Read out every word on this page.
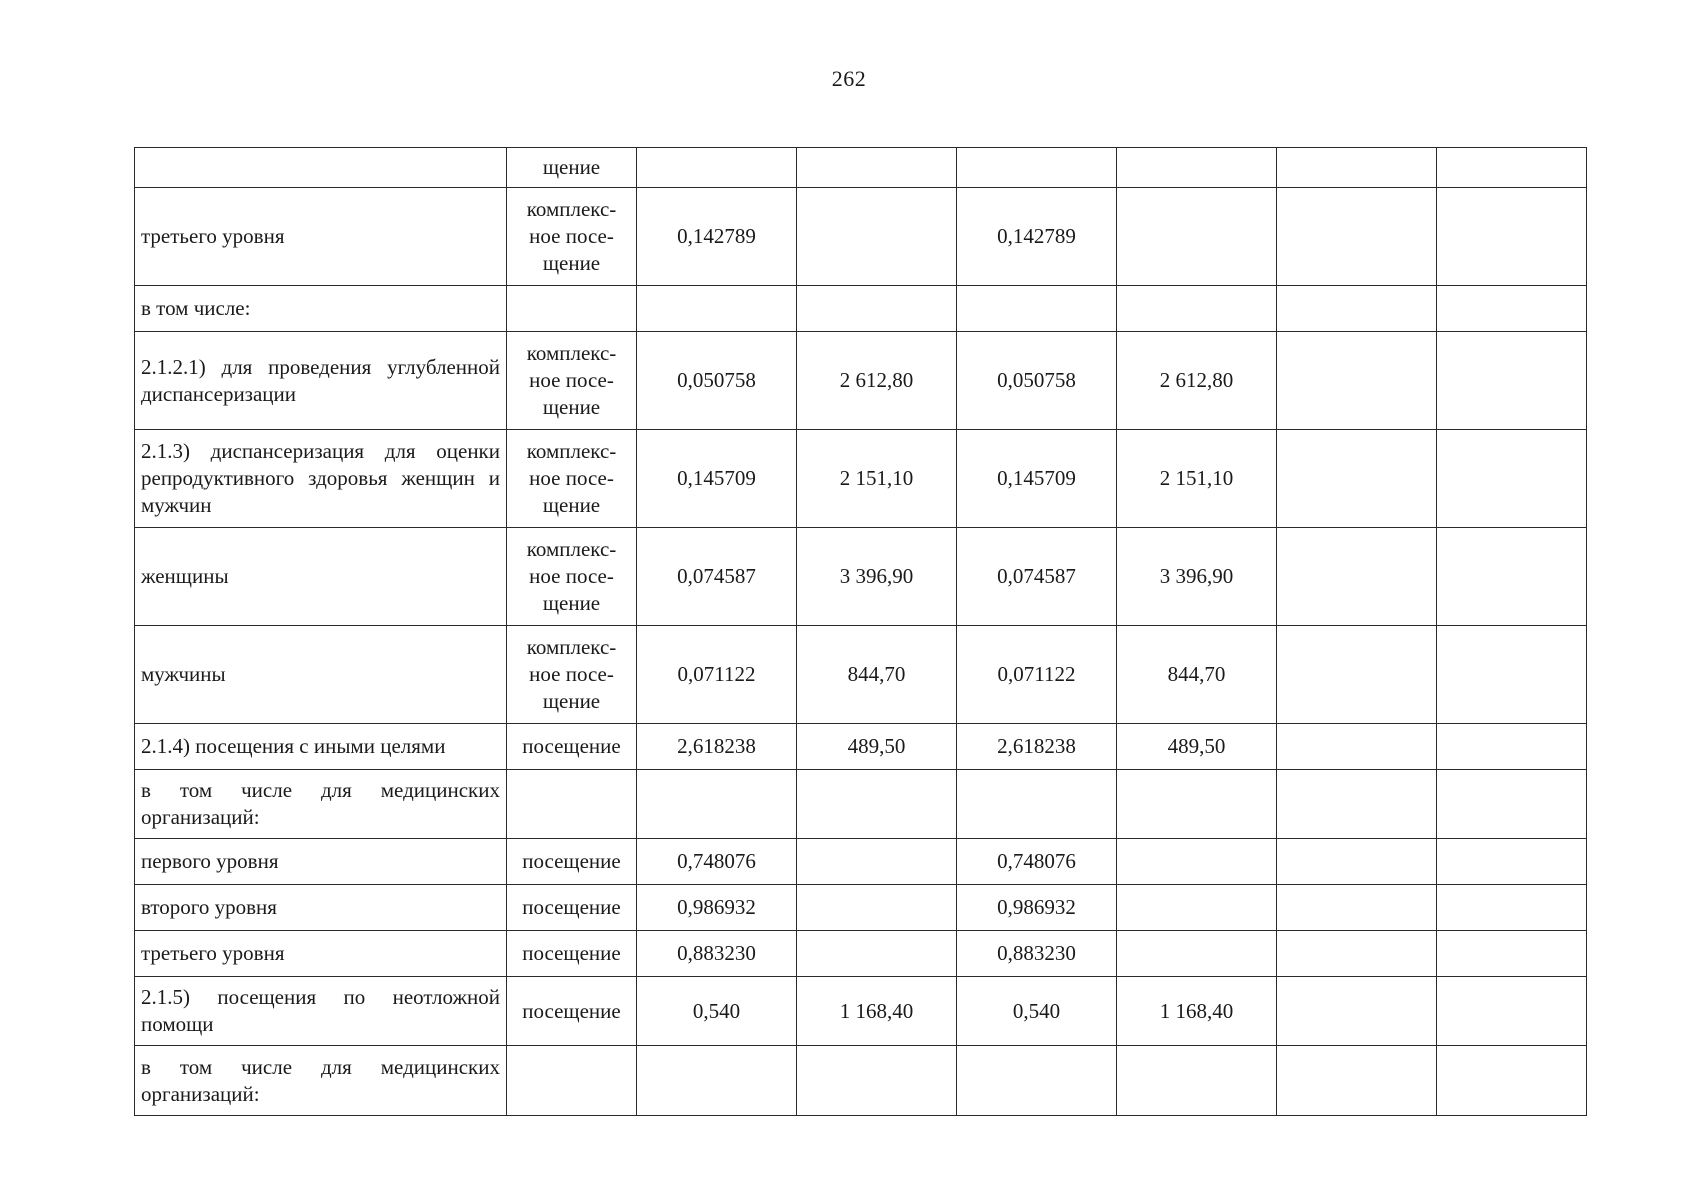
262
	щение						
третьего уровня	комплекс-ное посе-щение	0,142789		0,142789			
в том числе:							
2.1.2.1) для проведения углубленной диспансеризации	комплекс-ное посе-щение	0,050758	2 612,80	0,050758	2 612,80		
2.1.3) диспансеризация для оценки репродуктивного здоровья женщин и мужчин	комплекс-ное посе-щение	0,145709	2 151,10	0,145709	2 151,10		
женщины	комплекс-ное посе-щение	0,074587	3 396,90	0,074587	3 396,90		
мужчины	комплекс-ное посе-щение	0,071122	844,70	0,071122	844,70		
2.1.4) посещения с иными целями	посещение	2,618238	489,50	2,618238	489,50		
в том числе для медицинских организаций:							
первого уровня	посещение	0,748076		0,748076			
второго уровня	посещение	0,986932		0,986932			
третьего уровня	посещение	0,883230		0,883230			
2.1.5) посещения по неотложной помощи	посещение	0,540	1 168,40	0,540	1 168,40		
в том числе для медицинских организаций:							
